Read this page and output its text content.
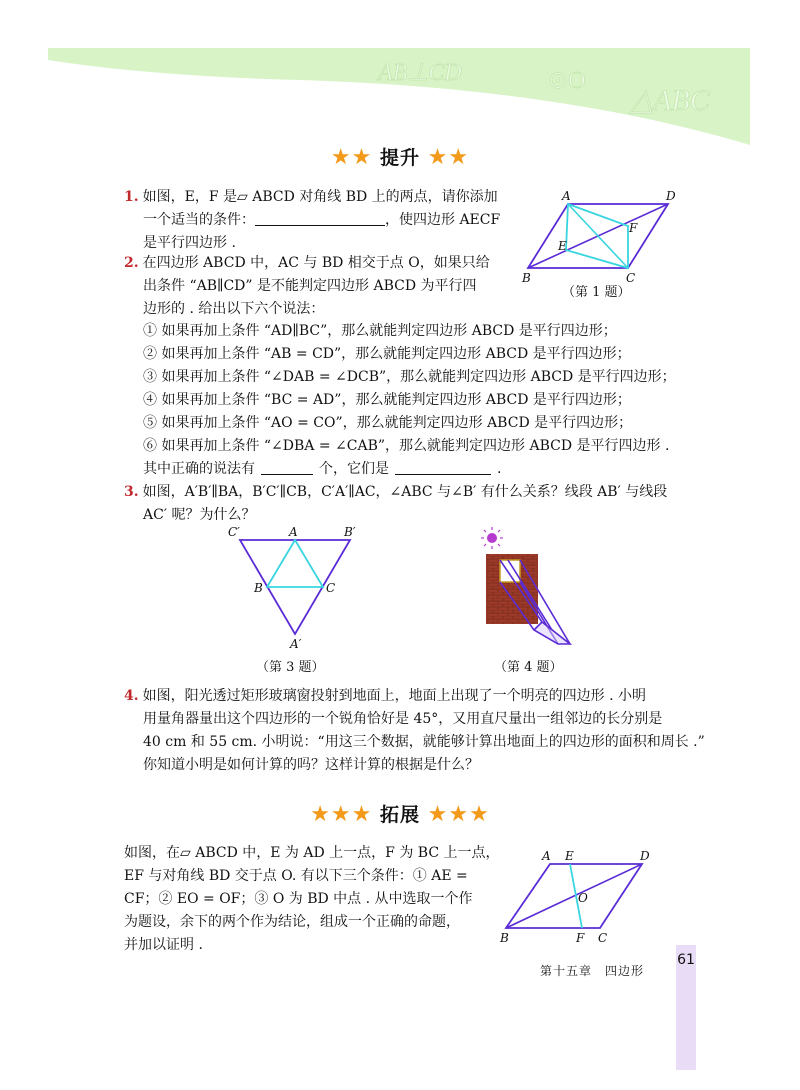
AB⊥CD	⊙O
△ABC
★★ 提升 ★★
1. 如图，E，F 是▱ ABCD 对角线 BD 上的两点，请你添加
一个适当的条件：	，使四边形 AECF
是平行四边形 .
A	D
E
F
B	C
（第 1 题）
2. 在四边形 ABCD 中，AC 与 BD 相交于点 O，如果只给
出条件 “AB∥CD” 是不能判定四边形 ABCD 为平行四
边形的 . 给出以下六个说法：
① 如果再加上条件 “AD∥BC”，那么就能判定四边形 ABCD 是平行四边形；
② 如果再加上条件 “AB = CD”，那么就能判定四边形 ABCD 是平行四边形；
③ 如果再加上条件 “∠DAB = ∠DCB”，那么就能判定四边形 ABCD 是平行四边形；
④ 如果再加上条件 “BC = AD”，那么就能判定四边形 ABCD 是平行四边形；
⑤ 如果再加上条件 “AO = CO”，那么就能判定四边形 ABCD 是平行四边形；
⑥ 如果再加上条件 “∠DBA = ∠CAB”，那么就能判定四边形 ABCD 是平行四边形 .
其中正确的说法有	个，它们是	.
3. 如图，A′B′∥BA，B′C′∥CB，C′A′∥AC，∠ABC 与∠B′ 有什么关系？线段 AB′ 与线段
AC′ 呢？为什么？
C′	A	B′
B	C
A′
（第 3 题）	（第 4 题）
4. 如图，阳光透过矩形玻璃窗投射到地面上，地面上出现了一个明亮的四边形 . 小明
用量角器量出这个四边形的一个锐角恰好是 45°，又用直尺量出一组邻边的长分别是
40 cm 和 55 cm. 小明说：“用这三个数据，就能够计算出地面上的四边形的面积和周长 .”
你知道小明是如何计算的吗？这样计算的根据是什么？
★★★ 拓展 ★★★
如图，在▱ ABCD 中，E 为 AD 上一点，F 为 BC 上一点，
EF 与对角线 BD 交于点 O. 有以下三个条件：① AE =
CF；② EO = OF；③ O 为 BD 中点 . 从中选取一个作
为题设，余下的两个作为结论，组成一个正确的命题，
并加以证明 .
A E	D
O
B	F C
第十五章　四边形
61
